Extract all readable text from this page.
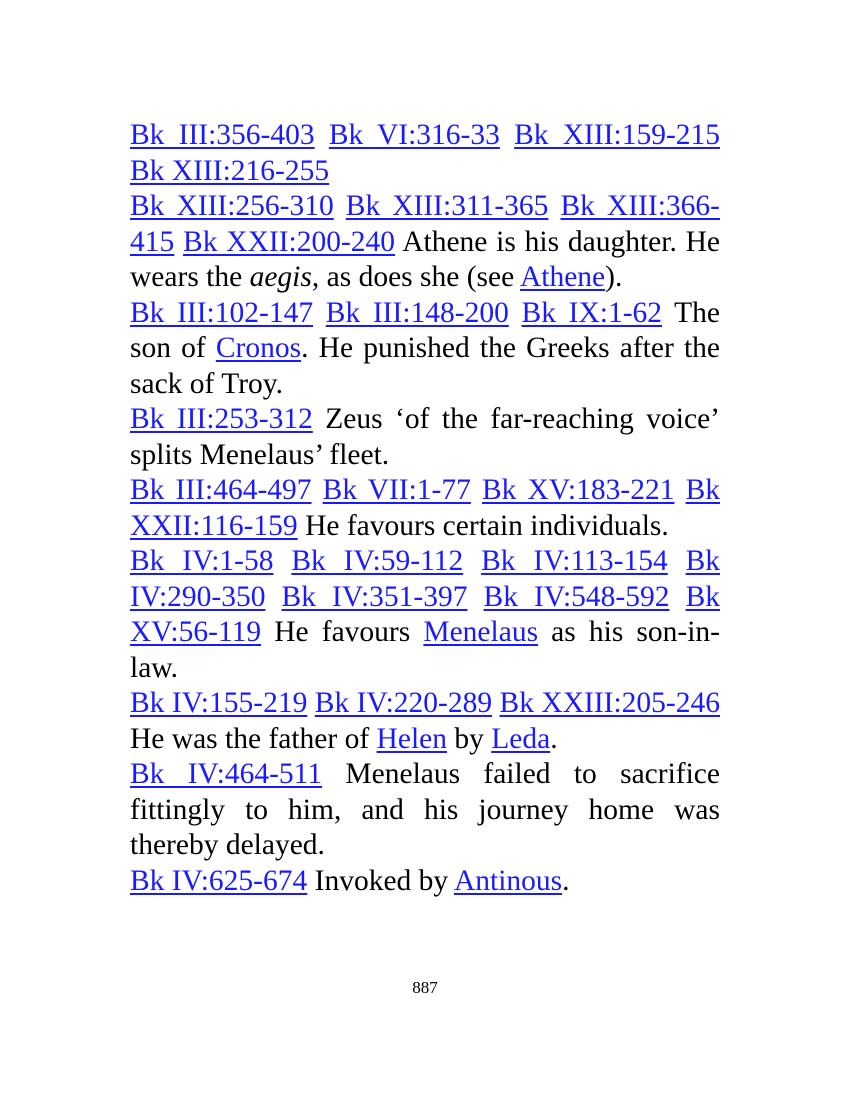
Bk III:356-403 Bk VI:316-33 Bk XIII:159-215 Bk XIII:216-255

Bk XIII:256-310 Bk XIII:311-365 Bk XIII:366-415 Bk XXII:200-240 Athene is his daughter. He wears the aegis, as does she (see Athene).

Bk III:102-147 Bk III:148-200 Bk IX:1-62 The son of Cronos. He punished the Greeks after the sack of Troy.

Bk III:253-312 Zeus ‘of the far-reaching voice’ splits Menelaus’ fleet.

Bk III:464-497 Bk VII:1-77 Bk XV:183-221 Bk XXII:116-159 He favours certain individuals.

Bk IV:1-58 Bk IV:59-112 Bk IV:113-154 Bk IV:290-350 Bk IV:351-397 Bk IV:548-592 Bk XV:56-119 He favours Menelaus as his son-in-law.

Bk IV:155-219 Bk IV:220-289 Bk XXIII:205-246 He was the father of Helen by Leda.

Bk IV:464-511 Menelaus failed to sacrifice fittingly to him, and his journey home was thereby delayed.

Bk IV:625-674 Invoked by Antinous.

887
